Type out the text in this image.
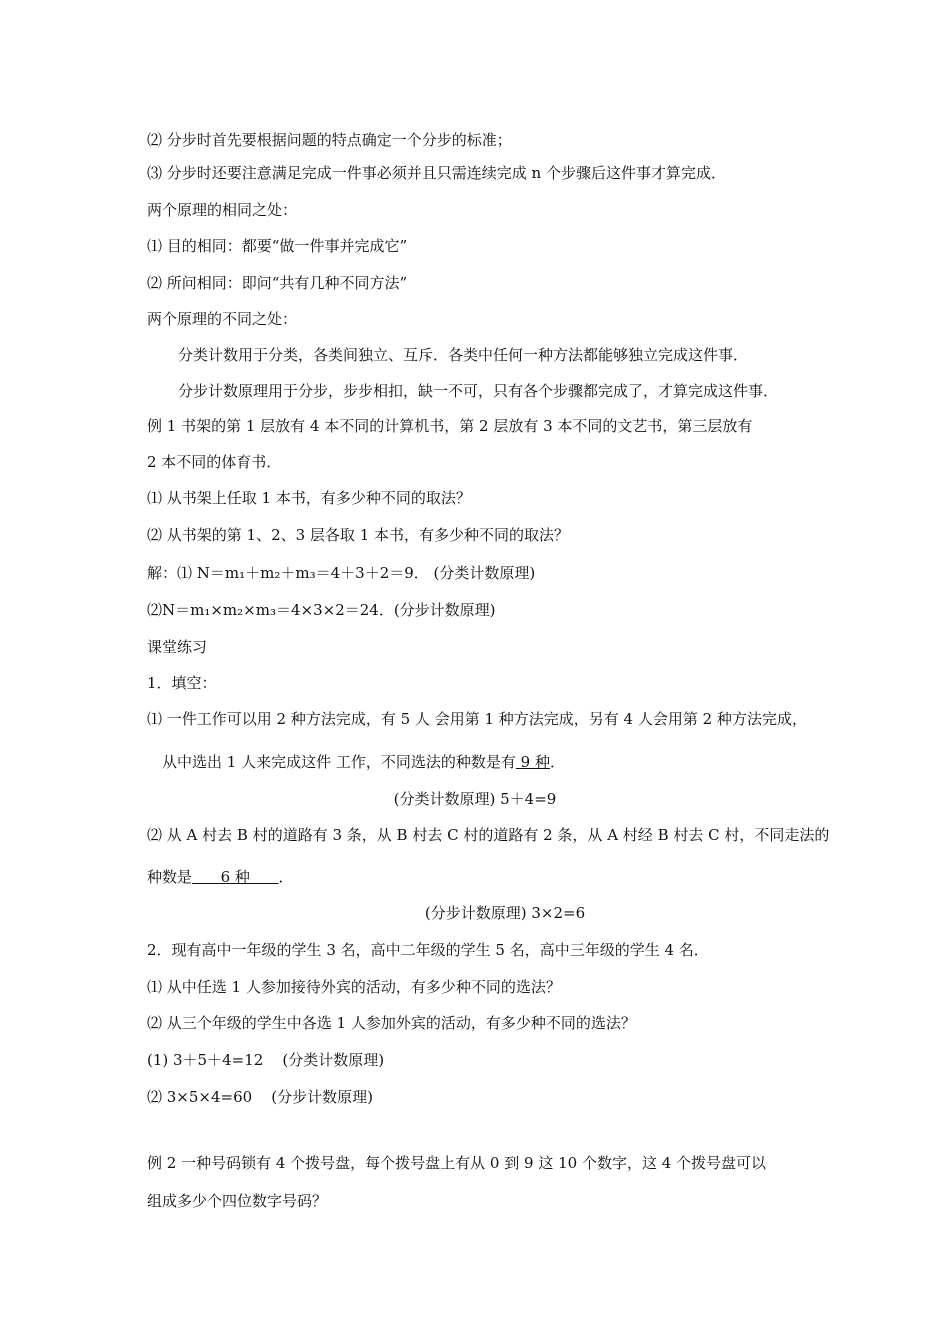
⑵ 分步时首先要根据问题的特点确定一个分步的标准；
⑶ 分步时还要注意满足完成一件事必须并且只需连续完成 n 个步骤后这件事才算完成．
两个原理的相同之处：
⑴ 目的相同：都要“做一件事并完成它”
⑵ 所问相同：即问“共有几种不同方法”
两个原理的不同之处：
分类计数用于分类，各类间独立、互斥．各类中任何一种方法都能够独立完成这件事．
分步计数原理用于分步，步步相扣，缺一不可，只有各个步骤都完成了，才算完成这件事．
例 1 书架的第 1 层放有 4 本不同的计算机书，第 2 层放有 3 本不同的文艺书，第三层放有
2 本不同的体育书．
⑴ 从书架上任取 1 本书，有多少种不同的取法？
⑵ 从书架的第 1、2、3 层各取 1 本书，有多少种不同的取法？
解：⑴ N＝m₁＋m₂＋m₃＝4＋3＋2＝9． (分类计数原理)
⑵N＝m₁×m₂×m₃＝4×3×2＝24．(分步计数原理)
课堂练习
1．填空：
⑴ 一件工作可以用 2 种方法完成，有 5 人 会用第 1 种方法完成，另有 4 人会用第 2 种方法完成，
从中选出 1 人来完成这件 工作，不同选法的种数是有 9 种．
(分类计数原理) 5＋4=9
⑵ 从 A 村去 B 村的道路有 3 条，从 B 村去 C 村的道路有 2 条，从 A 村经 B 村去 C 村，不同走法的
种数是      6 种      ．
(分步计数原理) 3×2=6
2．现有高中一年级的学生 3 名，高中二年级的学生 5 名，高中三年级的学生 4 名．
⑴ 从中任选 1 人参加接待外宾的活动，有多少种不同的选法？
⑵ 从三个年级的学生中各选 1 人参加外宾的活动，有多少种不同的选法？
(1) 3＋5＋4=12    (分类计数原理)
⑵ 3×5×4=60    (分步计数原理)
例 2 一种号码锁有 4 个拨号盘，每个拨号盘上有从 0 到 9 这 10 个数字，这 4 个拨号盘可以
组成多少个四位数字号码？
